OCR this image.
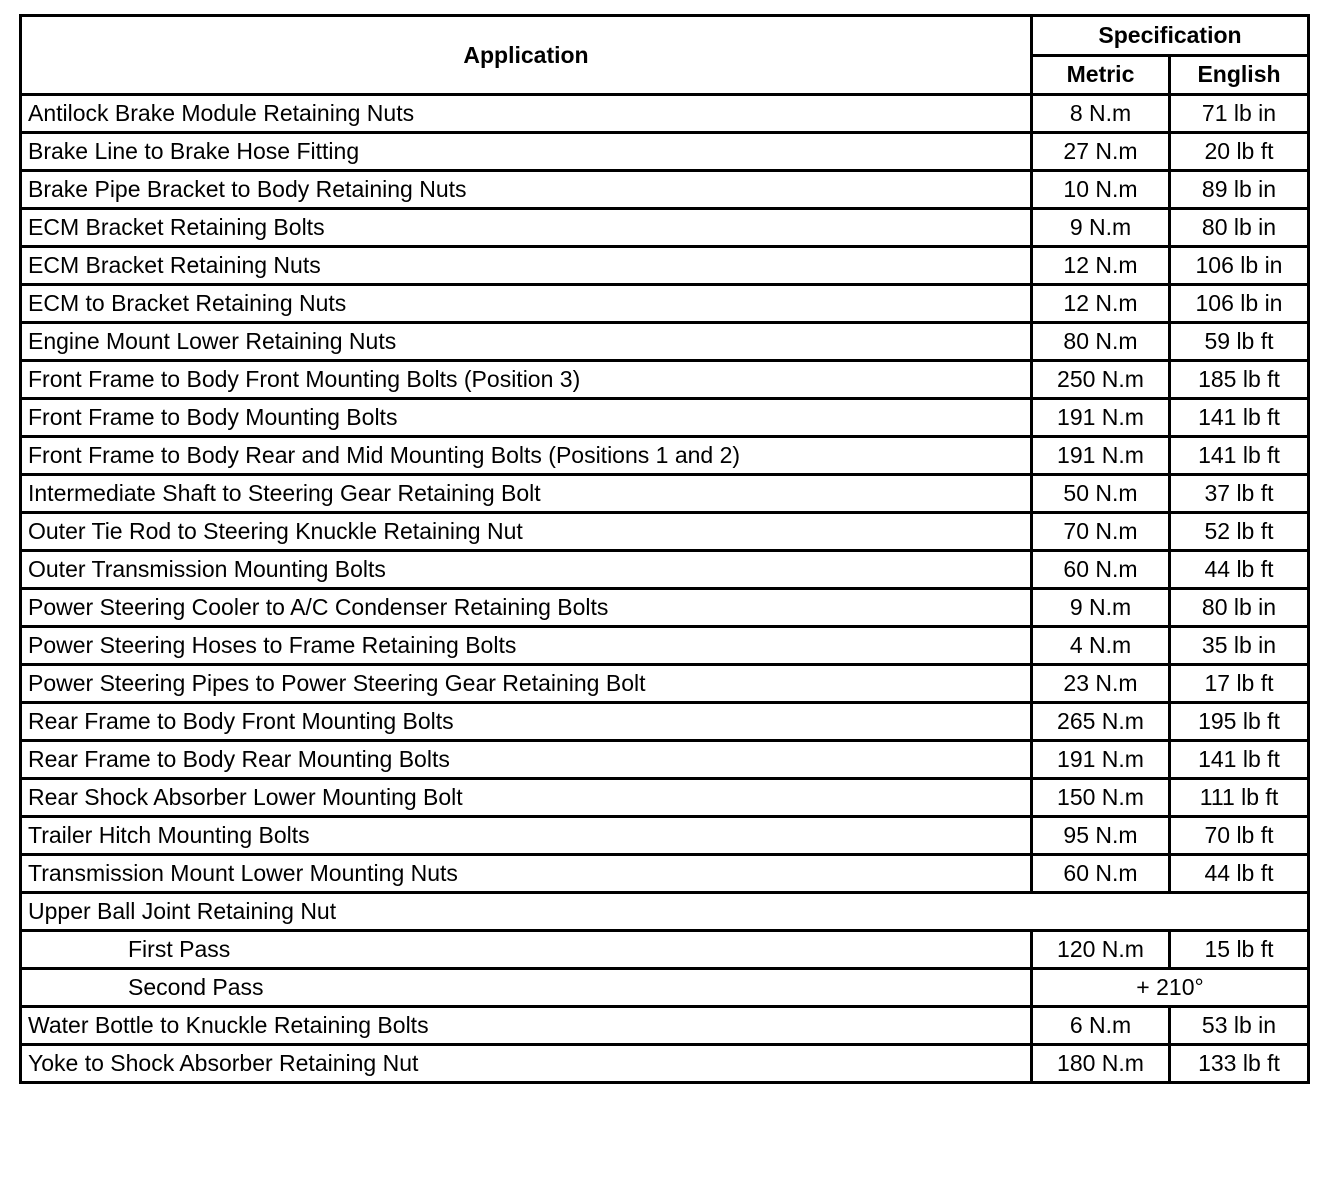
Application	Specification	
	Metric	English
Antilock Brake Module Retaining Nuts	8 N.m	71 lb in
Brake Line to Brake Hose Fitting	27 N.m	20 lb ft
Brake Pipe Bracket to Body Retaining Nuts	10 N.m	89 lb in
ECM Bracket Retaining Bolts	9 N.m	80 lb in
ECM Bracket Retaining Nuts	12 N.m	106 lb in
ECM to Bracket Retaining Nuts	12 N.m	106 lb in
Engine Mount Lower Retaining Nuts	80 N.m	59 lb ft
Front Frame to Body Front Mounting Bolts (Position 3)	250 N.m	185 lb ft
Front Frame to Body Mounting Bolts	191 N.m	141 lb ft
Front Frame to Body Rear and Mid Mounting Bolts (Positions 1 and 2)	191 N.m	141 lb ft
Intermediate Shaft to Steering Gear Retaining Bolt	50 N.m	37 lb ft
Outer Tie Rod to Steering Knuckle Retaining Nut	70 N.m	52 lb ft
Outer Transmission Mounting Bolts	60 N.m	44 lb ft
Power Steering Cooler to A/C Condenser Retaining Bolts	9 N.m	80 lb in
Power Steering Hoses to Frame Retaining Bolts	4 N.m	35 lb in
Power Steering Pipes to Power Steering Gear Retaining Bolt	23 N.m	17 lb ft
Rear Frame to Body Front Mounting Bolts	265 N.m	195 lb ft
Rear Frame to Body Rear Mounting Bolts	191 N.m	141 lb ft
Rear Shock Absorber Lower Mounting Bolt	150 N.m	111 lb ft
Trailer Hitch Mounting Bolts	95 N.m	70 lb ft
Transmission Mount Lower Mounting Nuts	60 N.m	44 lb ft
Upper Ball Joint Retaining Nut		
First Pass	120 N.m	15 lb ft
Second Pass	+ 210°	
Water Bottle to Knuckle Retaining Bolts	6 N.m	53 lb in
Yoke to Shock Absorber Retaining Nut	180 N.m	133 lb ft
